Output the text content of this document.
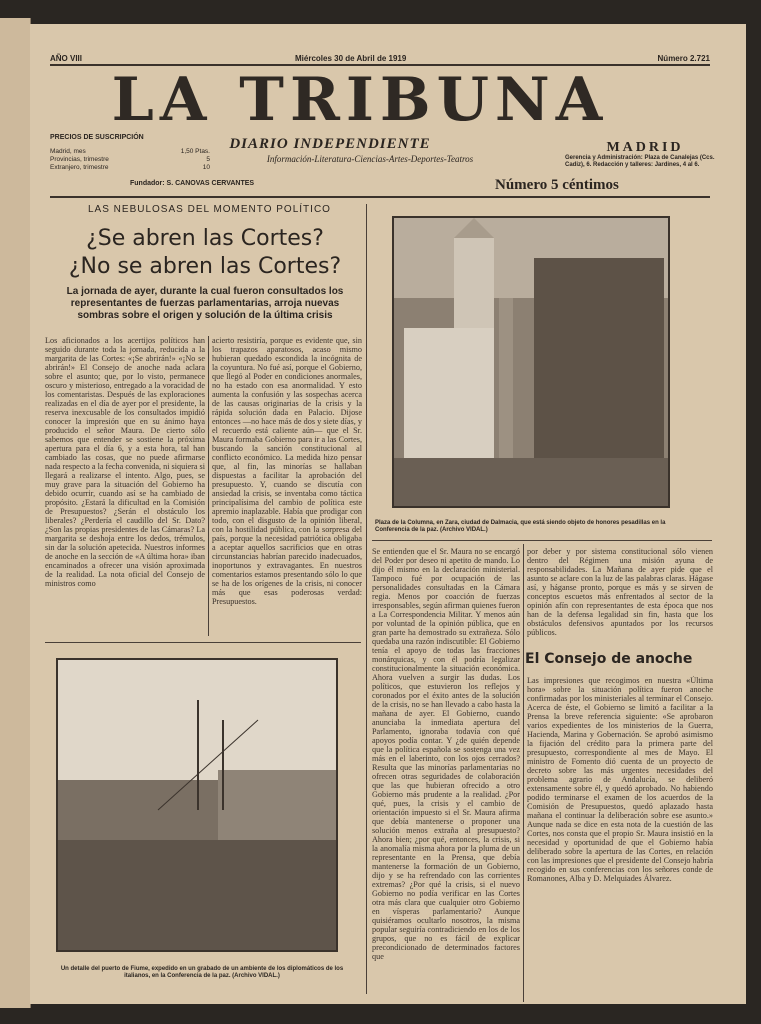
AÑO VIII	Miércoles 30 de Abril de 1919	Número 2.721
LA TRIBUNA
DIARIO INDEPENDIENTE
Información-Literatura-Ciencias-Artes-Deportes-Teatros
PRECIOS DE SUSCRIPCIÓN
Madrid, mes	1,50 Ptas.
Provincias, trimestre	5
Extranjero, trimestre	10
Fundador: S. CANOVAS CERVANTES
MADRID
Gerencia y Administración: Plaza de Canalejas (Ccs. Cadiz), 6. Redacción y talleres: Jardines, 4 al 6.
Número 5 céntimos
LAS NEBULOSAS DEL MOMENTO POLÍTICO
¿Se abren las Cortes?
¿No se abren las Cortes?
La jornada de ayer, durante la cual fueron consultados los representantes de fuerzas parlamentarias, arroja nuevas sombras sobre el origen y solución de la última crisis
Los aficionados a los acertijos políticos han seguido durante toda la jornada, reducida a la margarita de las Cortes: «¡Se abrirán!» «¡No se abrirán!» El Consejo de anoche nada aclara sobre el asunto; que, por lo visto, permanece oscuro y misterioso, entregado a la voracidad de los comentaristas. Después de las exploraciones realizadas en el día de ayer por el presidente, la reserva inexcusable de los consultados impidió conocer la impresión que en su ánimo haya producido el señor Maura. De cierto sólo sabemos que entender se sostiene la próxima apertura para el día 6, y a esta hora, tal han cambiado las cosas, que no puede afirmarse nada respecto a la fecha convenida, ni siquiera si llegará a realizarse el intento. Algo, pues, se muy grave para la situación del Gobierno ha debido ocurrir, cuando así se ha cambiado de propósito. ¿Estará la dificultad en la Comisión de Presupuestos? ¿Serán el obstáculo los liberales? ¿Perdería el caudillo del Sr. Dato? ¿Son las propias presidentes de las Cámaras? La margarita se deshoja entre los dedos, trémulos, sin dar la solución apetecida. Nuestros informes de anoche en la sección de «A última hora» iban encaminados a ofrecer una visión aproximada de la realidad. La nota oficial del Consejo de ministros como
acierto resistiría, porque es evidente que, sin los trapazos aparatosos, acaso mismo hubieran quedado escondida la incógnita de la coyuntura. No fué así, porque el Gobierno, que llegó al Poder en condiciones anormales, no ha estado con esa anormalidad. Y esto aumenta la confusión y las sospechas acerca de las causas originarias de la crisis y la rápida solución dada en Palacio. Dijose entonces —no hace más de dos y siete días, y el recuerdo está caliente aún— que el Sr. Maura formaba Gobierno para ir a las Cortes, buscando la sanción constitucional al conflicto económico. La medida hizo pensar que, al fin, las minorías se hallaban dispuestas a facilitar la aprobación del presupuesto. Y, cuando se discutía con ansiedad la crisis, se inventaba como táctica principalísima del cambio de política este apremio inaplazable. Había que prodigar con todo, con el disgusto de la opinión liberal, con la hostilidad pública, con la sorpresa del país, porque la necesidad patriótica obligaba a aceptar aquellos sacrificios que en otras circunstancias habrían parecido inadecuados, inoportunos y extravagantes. En nuestros comentarios estamos presentando sólo lo que se ha de los orígenes de la crisis, ni conocer más que esas poderosas verdad: Presupuestos.
Plaza de la Columna, en Zara, ciudad de Dalmacia, que está siendo objeto de honores pesadillas en la Conferencia de la paz. (Archivo VIDAL.)
Se entienden que el Sr. Maura no se encargó del Poder por deseo ni apetito de mando. Lo dijo él mismo en la declaración ministerial. Tampoco fué por ocupación de las personalidades consultadas en la Cámara regia. Menos por coacción de fuerzas irresponsables, según afirman quienes fueron a La Correspondencia Militar. Y menos aún por voluntad de la opinión pública, que en gran parte ha demostrado su extrañeza. Sólo quedaba una razón indiscutible: El Gobierno tenía el apoyo de todas las fracciones monárquicas, y con él podría legalizar constitucionalmente la situación económica. Ahora vuelven a surgir las dudas. Los políticos, que estuvieron los reflejos y coronados por el éxito antes de la solución de la crisis, no se han llevado a cabo hasta la mañana de ayer. El Gobierno, cuando anunciaba la inmediata apertura del Parlamento, ignoraba todavía con qué apoyos podía contar. Y ¿de quién depende que la política española se sostenga una vez más en el laberinto, con los ojos cerrados? Resulta que las minorías parlamentarias no ofrecen otras seguridades de colaboración que las que hubieran ofrecido a otro Gobierno más prudente a la realidad. ¿Por qué, pues, la crisis y el cambio de orientación impuesto si el Sr. Maura afirma que debía mantenerse o proponer una solución menos extraña al presupuesto? Ahora bien; ¿por qué, entonces, la crisis, si la anomalía misma ahora por la pluma de un representante en la Prensa, que debía mantenerse la formación de un Gobierno, dijo y se ha refrendado con las corrientes extremas? ¿Por qué la crisis, si el nuevo Gobierno no podía verificar en las Cortes otra más clara que cualquier otro Gobierno en vísperas parlamentario? Aunque quisiéramos ocultarlo nosotros, la misma popular seguiría contradiciendo en los de los grupos, que no es fácil de explicar precondicionado de determinados factores que
por deber y por sistema constitucional sólo vienen dentro del Régimen una misión ayuna de responsabilidades. La Mañana de ayer pide que el asunto se aclare con la luz de las palabras claras. Hágase así, y háganse pronto, porque es más y se sirven de conceptos escuetos más enfrentados al sector de la opinión afín con representantes de esta época que nos han de la defensa legalidad sin fin, hasta que los obstáculos defensivos apuntados por los recursos públicos.
El Consejo de anoche
Las impresiones que recogimos en nuestra «Última hora» sobre la situación política fueron anoche confirmadas por los ministeriales al terminar el Consejo. Acerca de éste, el Gobierno se limitó a facilitar a la Prensa la breve referencia siguiente: «Se aprobaron varios expedientes de los ministerios de la Guerra, Hacienda, Marina y Gobernación. Se aprobó asimismo la fijación del crédito para la primera parte del presupuesto, correspondiente al mes de Mayo. El ministro de Fomento dió cuenta de un proyecto de decreto sobre las más urgentes necesidades del problema agrario de Andalucía, se deliberó extensamente sobre él, y quedó aprobado. No habiendo podido terminarse el examen de los acuerdos de la Comisión de Presupuestos, quedó aplazado hasta mañana el continuar la deliberación sobre ese asunto.» Aunque nada se dice en esta nota de la cuestión de las Cortes, nos consta que el propio Sr. Maura insistió en la necesidad y oportunidad de que el Gobierno había deliberado sobre la apertura de las Cortes, en relación con las impresiones que el presidente del Consejo habría recogido en sus conferencias con los señores conde de Romanones, Alba y D. Melquiades Álvarez.
Un detalle del puerto de Fiume, expedido en un grabado de un ambiente de los diplomáticos de los italianos, en la Conferencia de la paz. (Archivo VIDAL.)
